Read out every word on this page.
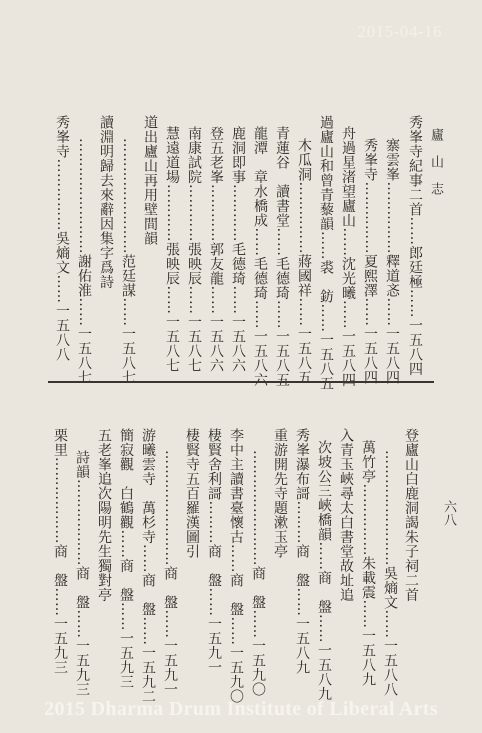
2015-04-16
廬山志
六八
秀峯寺紀事二首……郎廷極……一五八四
寨雲峯……………釋道忞……一五八四
秀峯寺……………夏熙澤……一五八四
舟過星渚望廬山……沈光曦……一五八四
過廬山和曾青藜韻……裘　鈁……一五八五
木瓜洞……………蔣國祥……一五八五
青蓮谷　讀書堂……毛德琦……一五八五
龍潭　章水橋成……毛德琦……一五八六
鹿洞即事…………毛德琦……一五八六
登五老峯…………郭友龍……一五八六
南康試院…………張映辰……一五八七
慧遠道場…………張映辰……一五八七
道出廬山再用壁間韻
……………………范廷謀……一五八七
讀淵明歸去來辭因集字爲詩
……………………謝佑淮……一五八七
秀峯寺……………吳熵文……一五八八
登廬山白鹿洞謁朱子祠二首
……………………吳熵文……一五八八
萬竹亭……………朱載震……一五八九
入青玉峽尋太白書堂故址追
次坡公三峽橋韻……商　盤……一五八九
秀峯瀑布謌………商　盤……一五八九
重游開先寺題漱玉亭
……………………商　盤……一五九〇
李中主讀書臺懷古……商　盤……一五九〇
棲賢舍利謌………商　盤……一五九一
棲賢寺五百羅漢圖引
……………………商　盤……一五九一
游曦雲寺　萬杉寺……商　盤……一五九二
簡寂觀　白鶴觀……商　盤……一五九三
五老峯追次陽明先生獨對亭
詩韻………………商　盤……一五九三
栗里………………商　盤……一五九三
2015 Dharma Drum Institute of Liberal Arts
